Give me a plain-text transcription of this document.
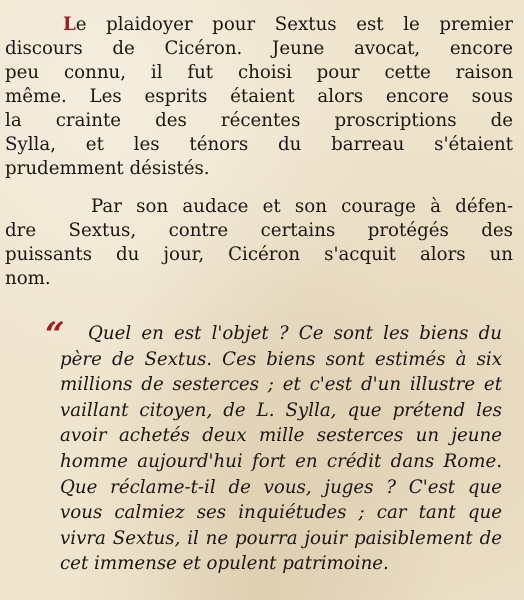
Le plaidoyer pour Sextus est le premier
discours de Cicéron. Jeune avocat, encore
peu connu, il fut choisi pour cette raison
même. Les esprits étaient alors encore sous
la crainte des récentes proscriptions de
Sylla, et les ténors du barreau s'étaient
prudemment désistés.
Par son audace et son courage à défen-
dre Sextus, contre certains protégés des
puissants du jour, Cicéron s'acquit alors un
nom.
“ Quel en est l'objet ? Ce sont les biens du
père de Sextus. Ces biens sont estimés à six
millions de sesterces ; et c'est d'un illustre et
vaillant citoyen, de L. Sylla, que prétend les
avoir achetés deux mille sesterces un jeune
homme aujourd'hui fort en crédit dans Rome.
Que réclame-t-il de vous, juges ? C'est que
vous calmiez ses inquiétudes ; car tant que
vivra Sextus, il ne pourra jouir paisiblement de
cet immense et opulent patrimoine.
